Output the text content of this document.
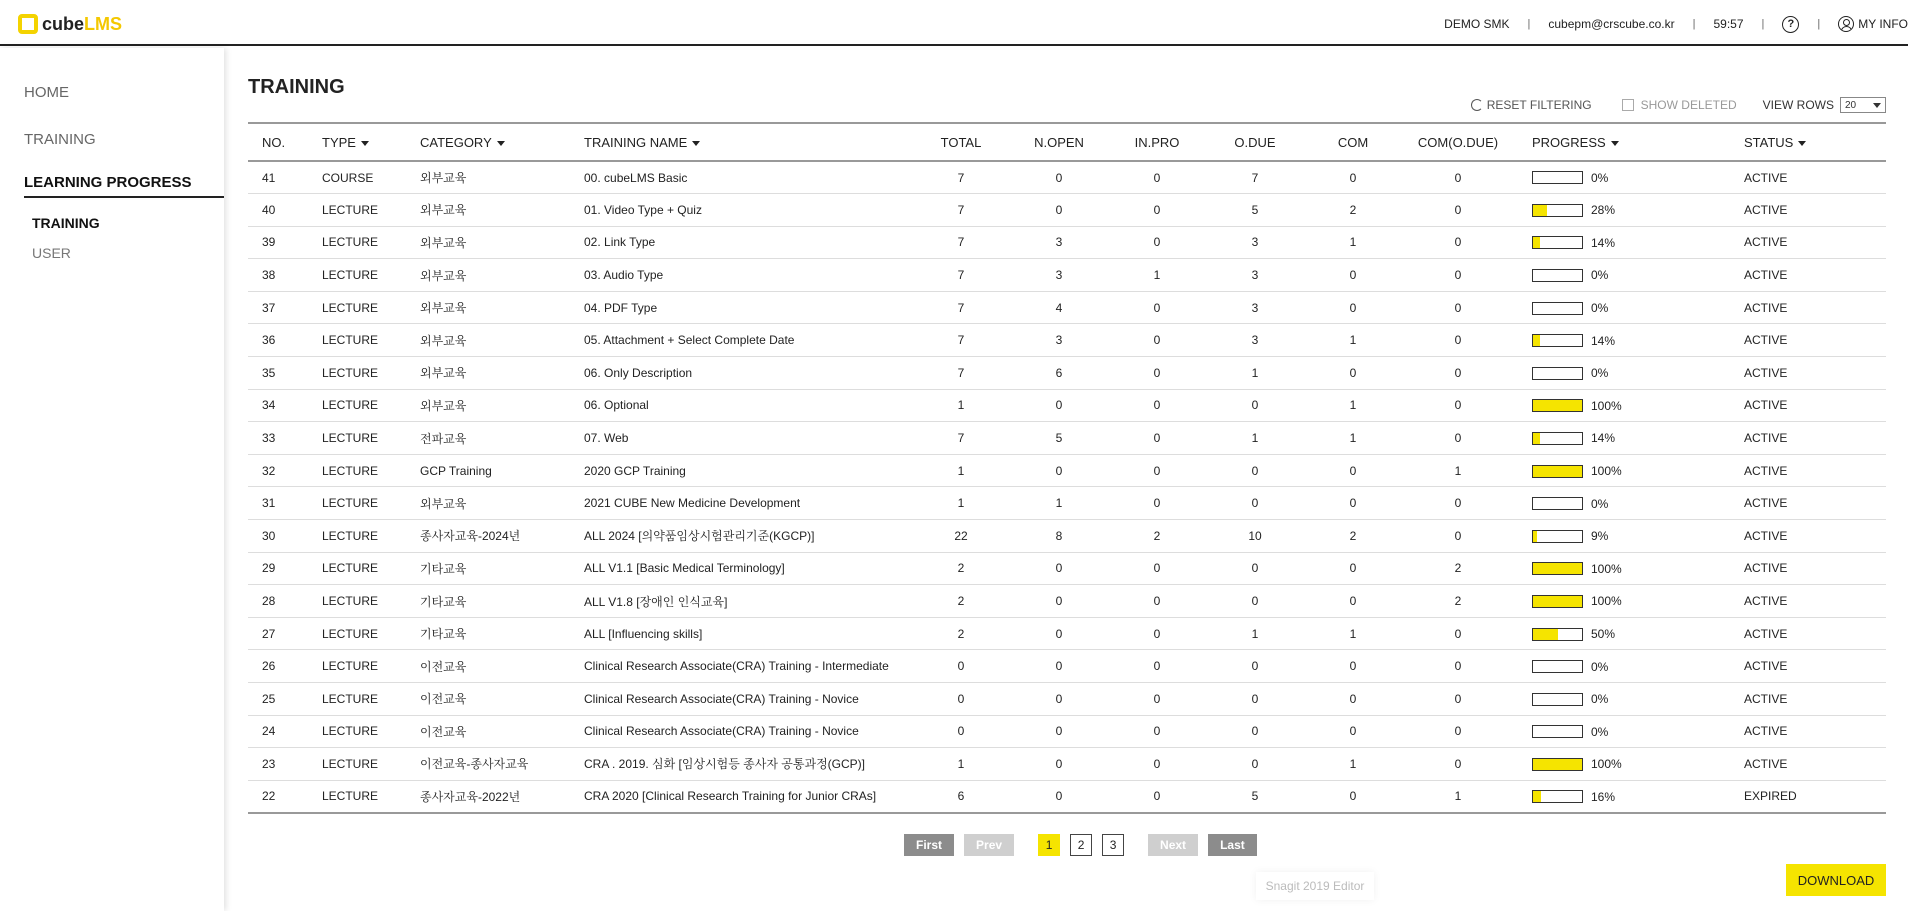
cube LMS	DEMO SMK | cubepm@crscube.co.kr | 59:57 |	?	|	MY INFO
HOME
TRAINING
LEARNING PROGRESS
TRAINING
USER
TRAINING
RESET FILTERING	SHOW DELETED VIEW ROWS 20
NO.	TYPE	CATEGORY	TRAINING NAME	TOTAL	N.OPEN	IN.PRO	O.DUE	COM	COM(O.DUE)	PROGRESS	STATUS
41	COURSE	외부교육	00. cubeLMS Basic	7	0	0	7	0	0	0%	ACTIVE
40	LECTURE	외부교육	01. Video Type + Quiz	7	0	0	5	2	0	28%	ACTIVE
39	LECTURE	외부교육	02. Link Type	7	3	0	3	1	0	14%	ACTIVE
38	LECTURE	외부교육	03. Audio Type	7	3	1	3	0	0	0%	ACTIVE
37	LECTURE	외부교육	04. PDF Type	7	4	0	3	0	0	0%	ACTIVE
36	LECTURE	외부교육	05. Attachment + Select Complete Date	7	3	0	3	1	0	14%	ACTIVE
35	LECTURE	외부교육	06. Only Description	7	6	0	1	0	0	0%	ACTIVE
34	LECTURE	외부교육	06. Optional	1	0	0	0	1	0	100%	ACTIVE
33	LECTURE	전파교육	07. Web	7	5	0	1	1	0	14%	ACTIVE
32	LECTURE	GCP Training	2020 GCP Training	1	0	0	0	0	1	100%	ACTIVE
31	LECTURE	외부교육	2021 CUBE New Medicine Development	1	1	0	0	0	0	0%	ACTIVE
30	LECTURE	종사자교육-2024년	ALL 2024 [의약품임상시험관리기준(KGCP)]	22	8	2	10	2	0	9%	ACTIVE
29	LECTURE	기타교육	ALL V1.1 [Basic Medical Terminology]	2	0	0	0	0	2	100%	ACTIVE
28	LECTURE	기타교육	ALL V1.8 [장애인 인식교육]	2	0	0	0	0	2	100%	ACTIVE
27	LECTURE	기타교육	ALL [Influencing skills]	2	0	0	1	1	0	50%	ACTIVE
26	LECTURE	이전교육	Clinical Research Associate(CRA) Training - Intermediate	0	0	0	0	0	0	0%	ACTIVE
25	LECTURE	이전교육	Clinical Research Associate(CRA) Training - Novice	0	0	0	0	0	0	0%	ACTIVE
24	LECTURE	이전교육	Clinical Research Associate(CRA) Training - Novice	0	0	0	0	0	0	0%	ACTIVE
23	LECTURE	이전교육-종사자교육	CRA . 2019. 심화 [임상시험등 종사자 공통과정(GCP)]	1	0	0	0	1	0	100%	ACTIVE
22	LECTURE	종사자교육-2022년	CRA 2020 [Clinical Research Training for Junior CRAs]	6	0	0	5	0	1	16%	EXPIRED
First	Prev	1	2	3	Next	Last
Snagit 2019 Editor	DOWNLOAD
